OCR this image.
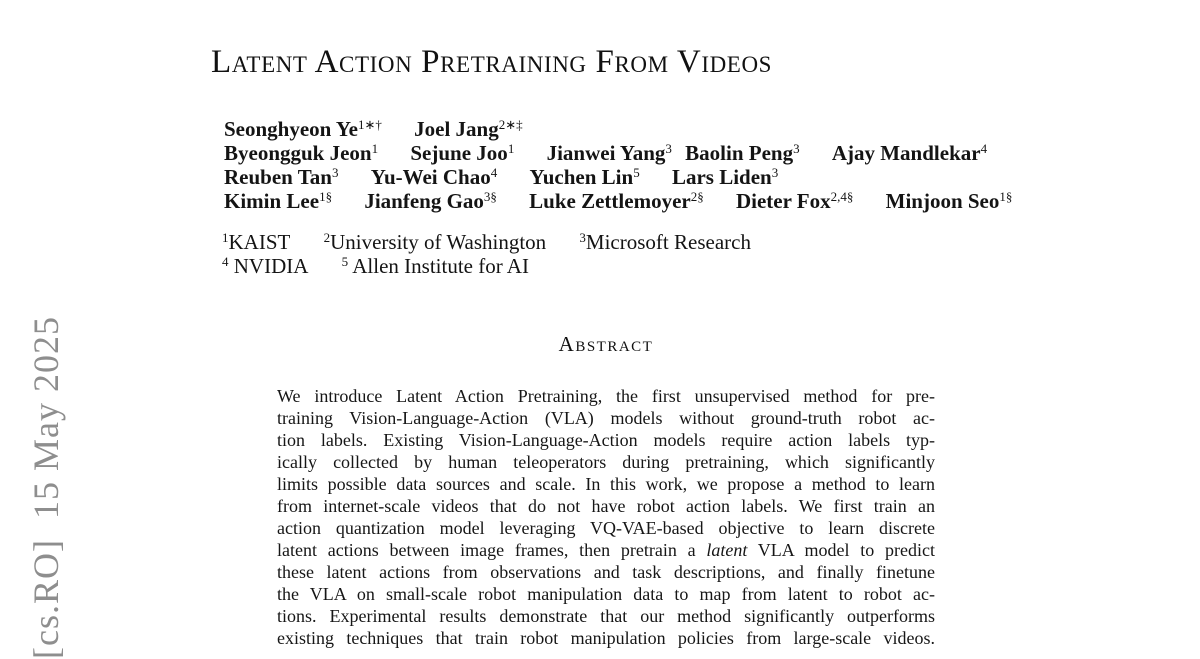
[cs.RO]  15 May 2025
Latent Action Pretraining From Videos
Seonghyeon $Ye^{1∗\dagger}$ Joel Jang$^{2∗\ddagger}$
Byeongguk Jeon$^1$ Sejune Joo$^1$ Jianwei Yang$^3$ Baolin Peng$^3$ Ajay Mandlekar$^4$
Reuben Tan$^3$ Yu-Wei Chao$^4$ Yuchen Lin$^5$ Lars Liden$^3$
Kimin Lee$^{1\S}$ Jianfeng Gao$^{3\S}$ Luke Zettlemoyer$^{2\S}$ Dieter Fox$^{2,4\S}$ Minjoon Seo$^{1\S}$
$^1$KAIST	$^2$University of Washington	$^3$Microsoft Research
$^4$ NVIDIA	$^5$ Allen Institute for AI
Abstract
We introduce Latent Action Pretraining, the first unsupervised method for pre-
training Vision-Language-Action (VLA) models without ground-truth robot ac-
tion labels. Existing Vision-Language-Action models require action labels typ-
ically collected by human teleoperators during pretraining, which significantly
limits possible data sources and scale. In this work, we propose a method to learn
from internet-scale videos that do not have robot action labels. We first train an
action quantization model leveraging VQ-VAE-based objective to learn discrete
latent actions between image frames, then pretrain a latent VLA model to predict
these latent actions from observations and task descriptions, and finally finetune
the VLA on small-scale robot manipulation data to map from latent to robot ac-
tions. Experimental results demonstrate that our method significantly outperforms
existing techniques that train robot manipulation policies from large-scale videos.
